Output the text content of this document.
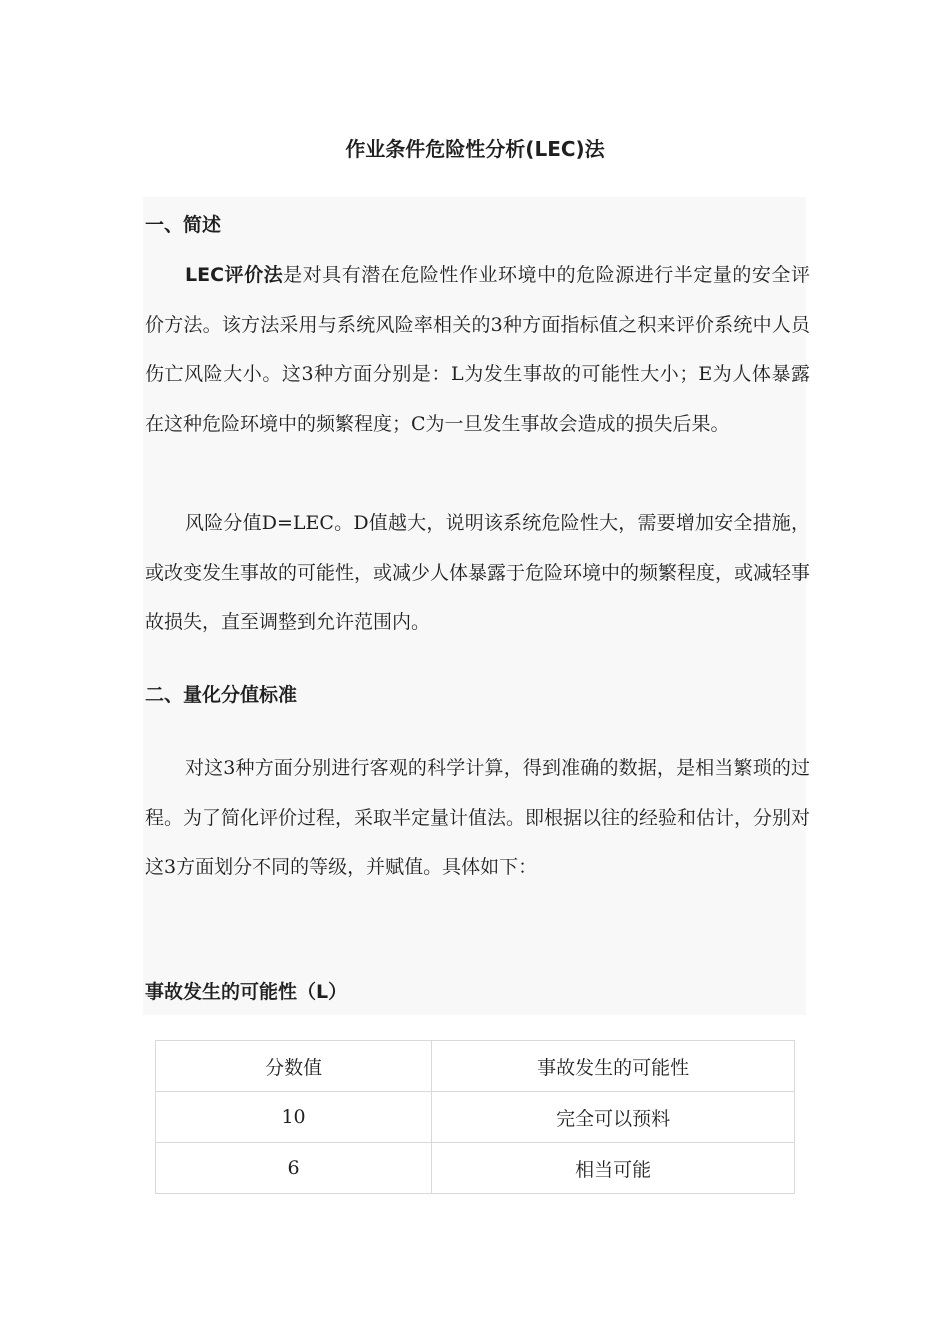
作业条件危险性分析(LEC)法
一、简述

LEC评价法是对具有潜在危险性作业环境中的危险源进行半定量的安全评价方法。该方法采用与系统风险率相关的3种方面指标值之积来评价系统中人员伤亡风险大小。这3种方面分别是：L为发生事故的可能性大小；E为人体暴露在这种危险环境中的频繁程度；C为一旦发生事故会造成的损失后果。

风险分值D=LEC。D值越大，说明该系统危险性大，需要增加安全措施，或改变发生事故的可能性，或减少人体暴露于危险环境中的频繁程度，或减轻事故损失，直至调整到允许范围内。

二、量化分值标准

对这3种方面分别进行客观的科学计算，得到准确的数据，是相当繁琐的过程。为了简化评价过程，采取半定量计值法。即根据以往的经验和估计，分别对这3方面划分不同的等级，并赋值。具体如下：

事故发生的可能性（L）
分数值	事故发生的可能性
10	完全可以预料
6	相当可能
